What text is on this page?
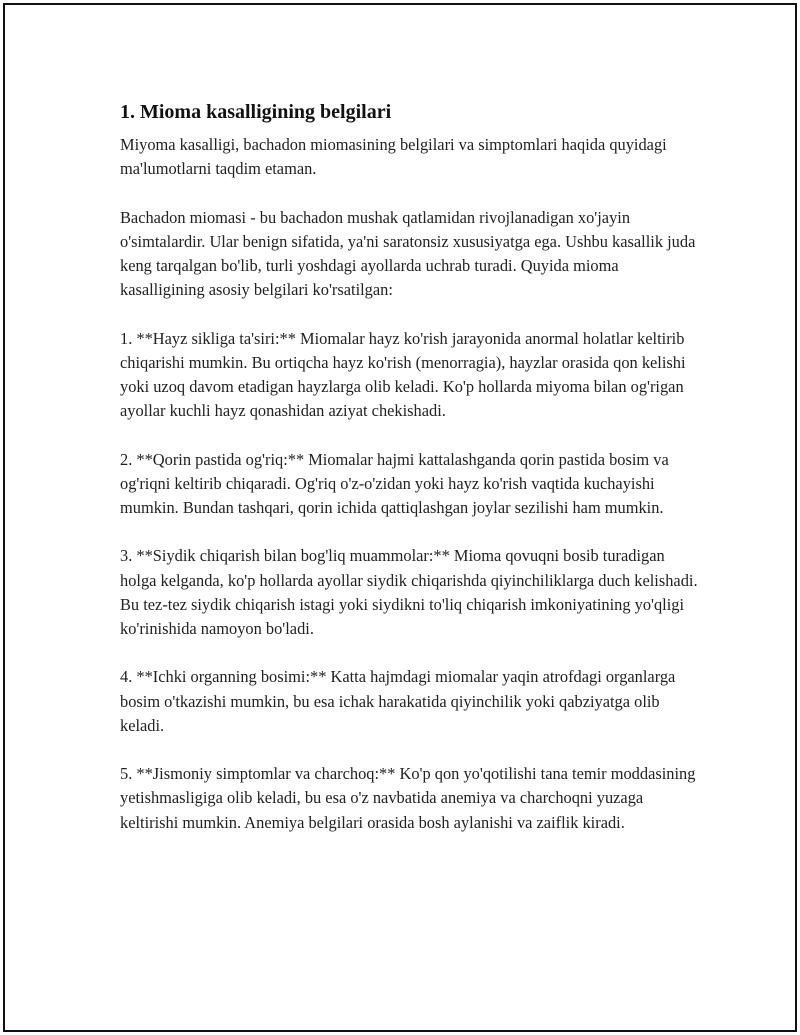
1. Mioma kasalligining belgilari

Miyoma kasalligi, bachadon miomasining belgilari va simptomlari haqida quyidagi ma'lumotlarni taqdim etaman.

Bachadon miomasi - bu bachadon mushak qatlamidan rivojlanadigan xo'jayin o'simtalardir. Ular benign sifatida, ya'ni saratonsiz xususiyatga ega. Ushbu kasallik juda keng tarqalgan bo'lib, turli yoshdagi ayollarda uchrab turadi. Quyida mioma kasalligining asosiy belgilari ko'rsatilgan:

1. **Hayz sikliga ta'siri:** Miomalar hayz ko'rish jarayonida anormal holatlar keltirib chiqarishi mumkin. Bu ortiqcha hayz ko'rish (menorragia), hayzlar orasida qon kelishi yoki uzoq davom etadigan hayzlarga olib keladi. Ko'p hollarda miyoma bilan og'rigan ayollar kuchli hayz qonashidan aziyat chekishadi.

2. **Qorin pastida og'riq:** Miomalar hajmi kattalashganda qorin pastida bosim va og'riqni keltirib chiqaradi. Og'riq o'z-o'zidan yoki hayz ko'rish vaqtida kuchayishi mumkin. Bundan tashqari, qorin ichida qattiqlashgan joylar sezilishi ham mumkin.

3. **Siydik chiqarish bilan bog'liq muammolar:** Mioma qovuqni bosib turadigan holga kelganda, ko'p hollarda ayollar siydik chiqarishda qiyinchiliklarga duch kelishadi. Bu tez-tez siydik chiqarish istagi yoki siydikni to'liq chiqarish imkoniyatining yo'qligi ko'rinishida namoyon bo'ladi.

4. **Ichki organning bosimi:** Katta hajmdagi miomalar yaqin atrofdagi organlarga bosim o'tkazishi mumkin, bu esa ichak harakatida qiyinchilik yoki qabziyatga olib keladi.

5. **Jismoniy simptomlar va charchoq:** Ko'p qon yo'qotilishi tana temir moddasining yetishmasligiga olib keladi, bu esa o'z navbatida anemiya va charchoqni yuzaga keltirishi mumkin. Anemiya belgilari orasida bosh aylanishi va zaiflik kiradi.
